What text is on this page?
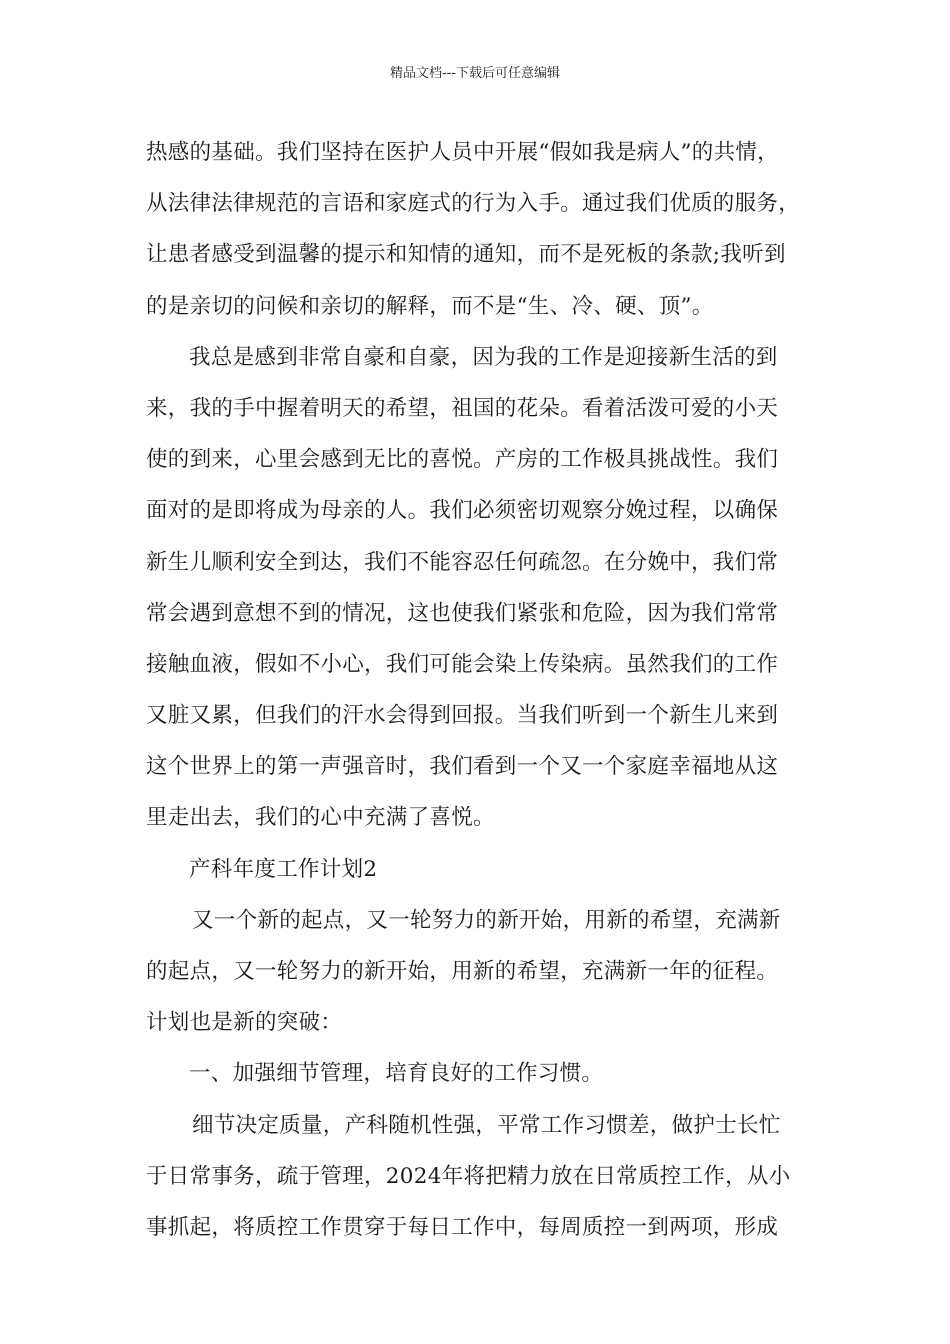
精品文档---下载后可任意编辑
热感的基础。我们坚持在医护人员中开展“假如我是病人”的共情，
从法律法律规范的言语和家庭式的行为入手。通过我们优质的服务，
让患者感受到温馨的提示和知情的通知，而不是死板的条款;我听到
的是亲切的问候和亲切的解释，而不是“生、冷、硬、顶”。
我总是感到非常自豪和自豪，因为我的工作是迎接新生活的到
来，我的手中握着明天的希望，祖国的花朵。看着活泼可爱的小天
使的到来，心里会感到无比的喜悦。产房的工作极具挑战性。我们
面对的是即将成为母亲的人。我们必须密切观察分娩过程，以确保
新生儿顺利安全到达，我们不能容忍任何疏忽。在分娩中，我们常
常会遇到意想不到的情况，这也使我们紧张和危险，因为我们常常
接触血液，假如不小心，我们可能会染上传染病。虽然我们的工作
又脏又累，但我们的汗水会得到回报。当我们听到一个新生儿来到
这个世界上的第一声强音时，我们看到一个又一个家庭幸福地从这
里走出去，我们的心中充满了喜悦。
产科年度工作计划2
又一个新的起点，又一轮努力的新开始，用新的希望，充满新
的起点，又一轮努力的新开始，用新的希望，充满新一年的征程。
计划也是新的突破：
一、加强细节管理，培育良好的工作习惯。
细节决定质量，产科随机性强，平常工作习惯差，做护士长忙
于日常事务，疏于管理，2024年将把精力放在日常质控工作，从小
事抓起，将质控工作贯穿于每日工作中，每周质控一到两项，形成
